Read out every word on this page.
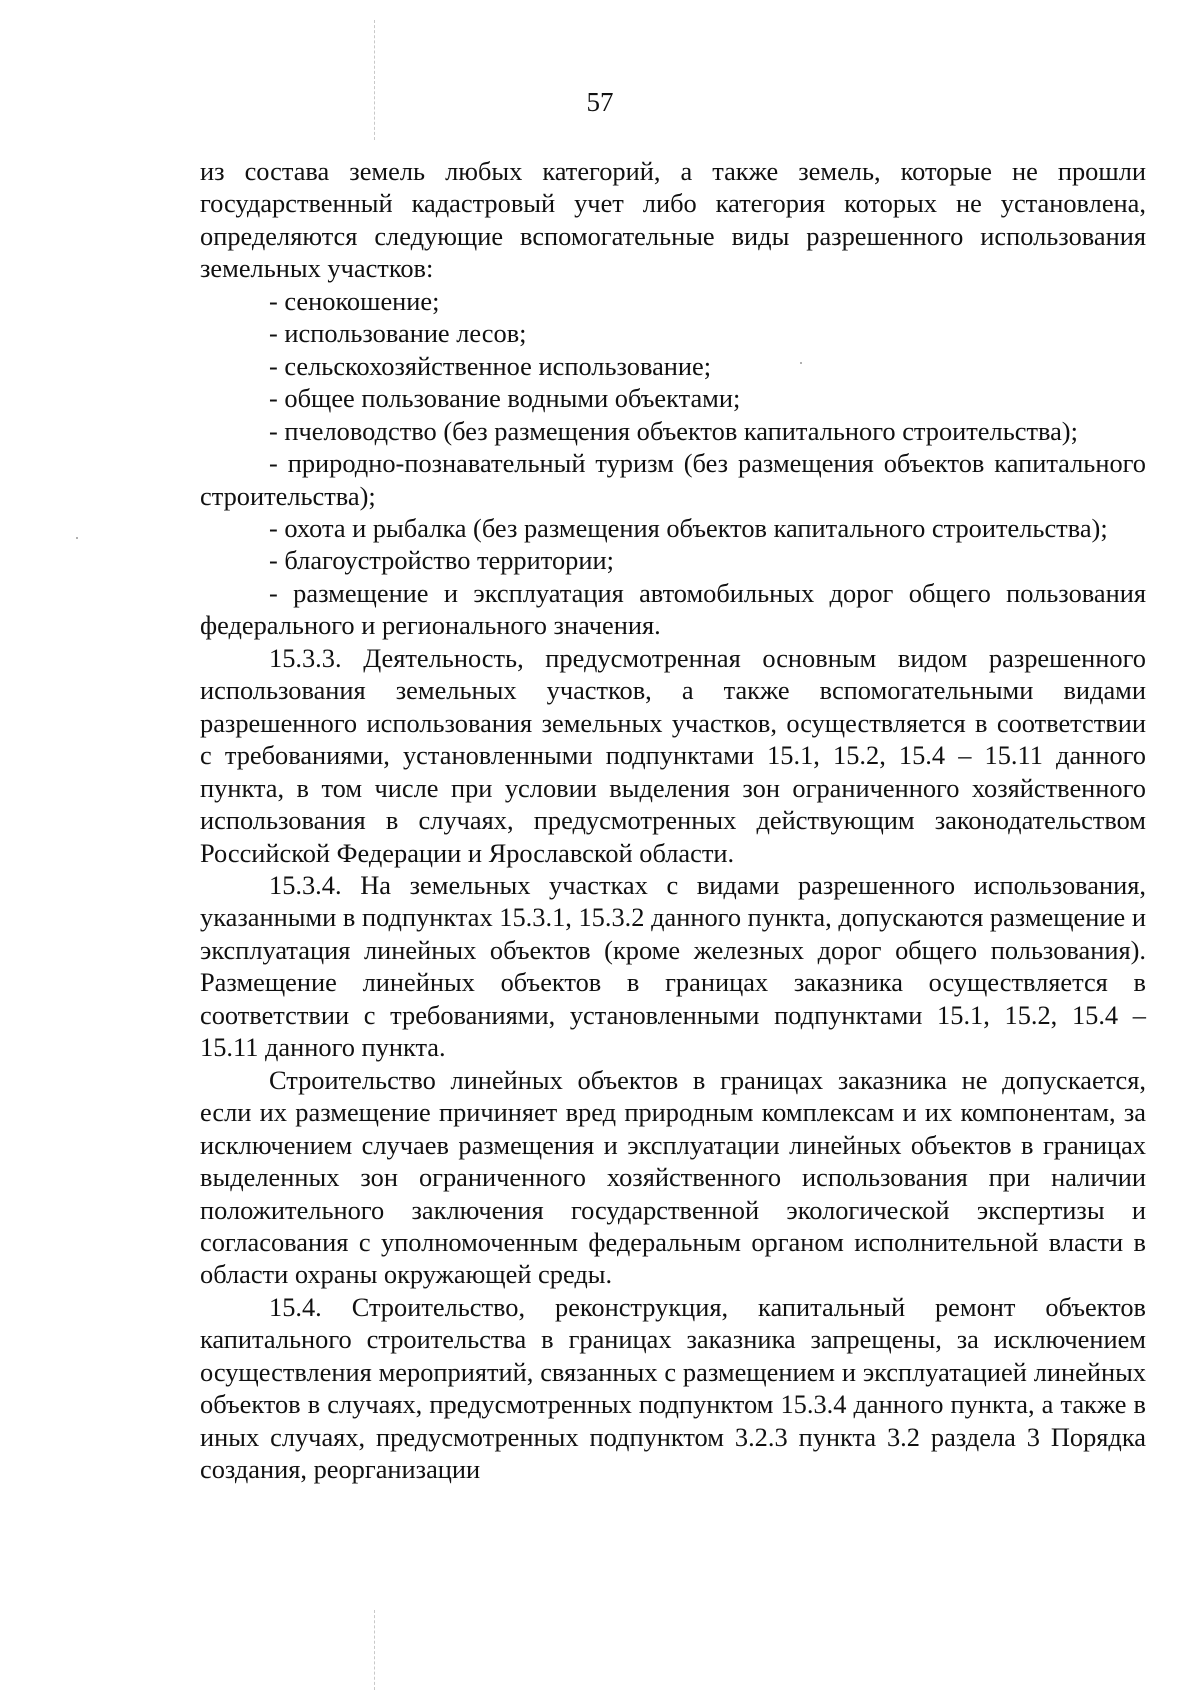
57

из состава земель любых категорий, а также земель, которые не прошли государственный кадастровый учет либо категория которых не установлена, определяются следующие вспомогательные виды разрешенного использования земельных участков:

- сенокошение;

- использование лесов;

- сельскохозяйственное использование;

- общее пользование водными объектами;

- пчеловодство (без размещения объектов капитального строительства);

- природно-познавательный туризм (без размещения объектов капитального строительства);

- охота и рыбалка (без размещения объектов капитального строительства);

- благоустройство территории;

- размещение и эксплуатация автомобильных дорог общего пользования федерального и регионального значения.

15.3.3. Деятельность, предусмотренная основным видом разрешенного использования земельных участков, а также вспомогательными видами разрешенного использования земельных участков, осуществляется в соответствии с требованиями, установленными подпунктами 15.1, 15.2, 15.4 – 15.11 данного пункта, в том числе при условии выделения зон ограниченного хозяйственного использования в случаях, предусмотренных действующим законодательством Российской Федерации и Ярославской области.

15.3.4. На земельных участках с видами разрешенного использования, указанными в подпунктах 15.3.1, 15.3.2 данного пункта, допускаются размещение и эксплуатация линейных объектов (кроме железных дорог общего пользования). Размещение линейных объектов в границах заказника осуществляется в соответствии с требованиями, установленными подпунктами 15.1, 15.2, 15.4 – 15.11 данного пункта.

Строительство линейных объектов в границах заказника не допускается, если их размещение причиняет вред природным комплексам и их компонентам, за исключением случаев размещения и эксплуатации линейных объектов в границах выделенных зон ограниченного хозяйственного использования при наличии положительного заключения государственной экологической экспертизы и согласования с уполномоченным федеральным органом исполнительной власти в области охраны окружающей среды.

15.4. Строительство, реконструкция, капитальный ремонт объектов капитального строительства в границах заказника запрещены, за исключением осуществления мероприятий, связанных с размещением и эксплуатацией линейных объектов в случаях, предусмотренных подпунктом 15.3.4 данного пункта, а также в иных случаях, предусмотренных подпунктом 3.2.3 пункта 3.2 раздела 3 Порядка создания, реорганизации
